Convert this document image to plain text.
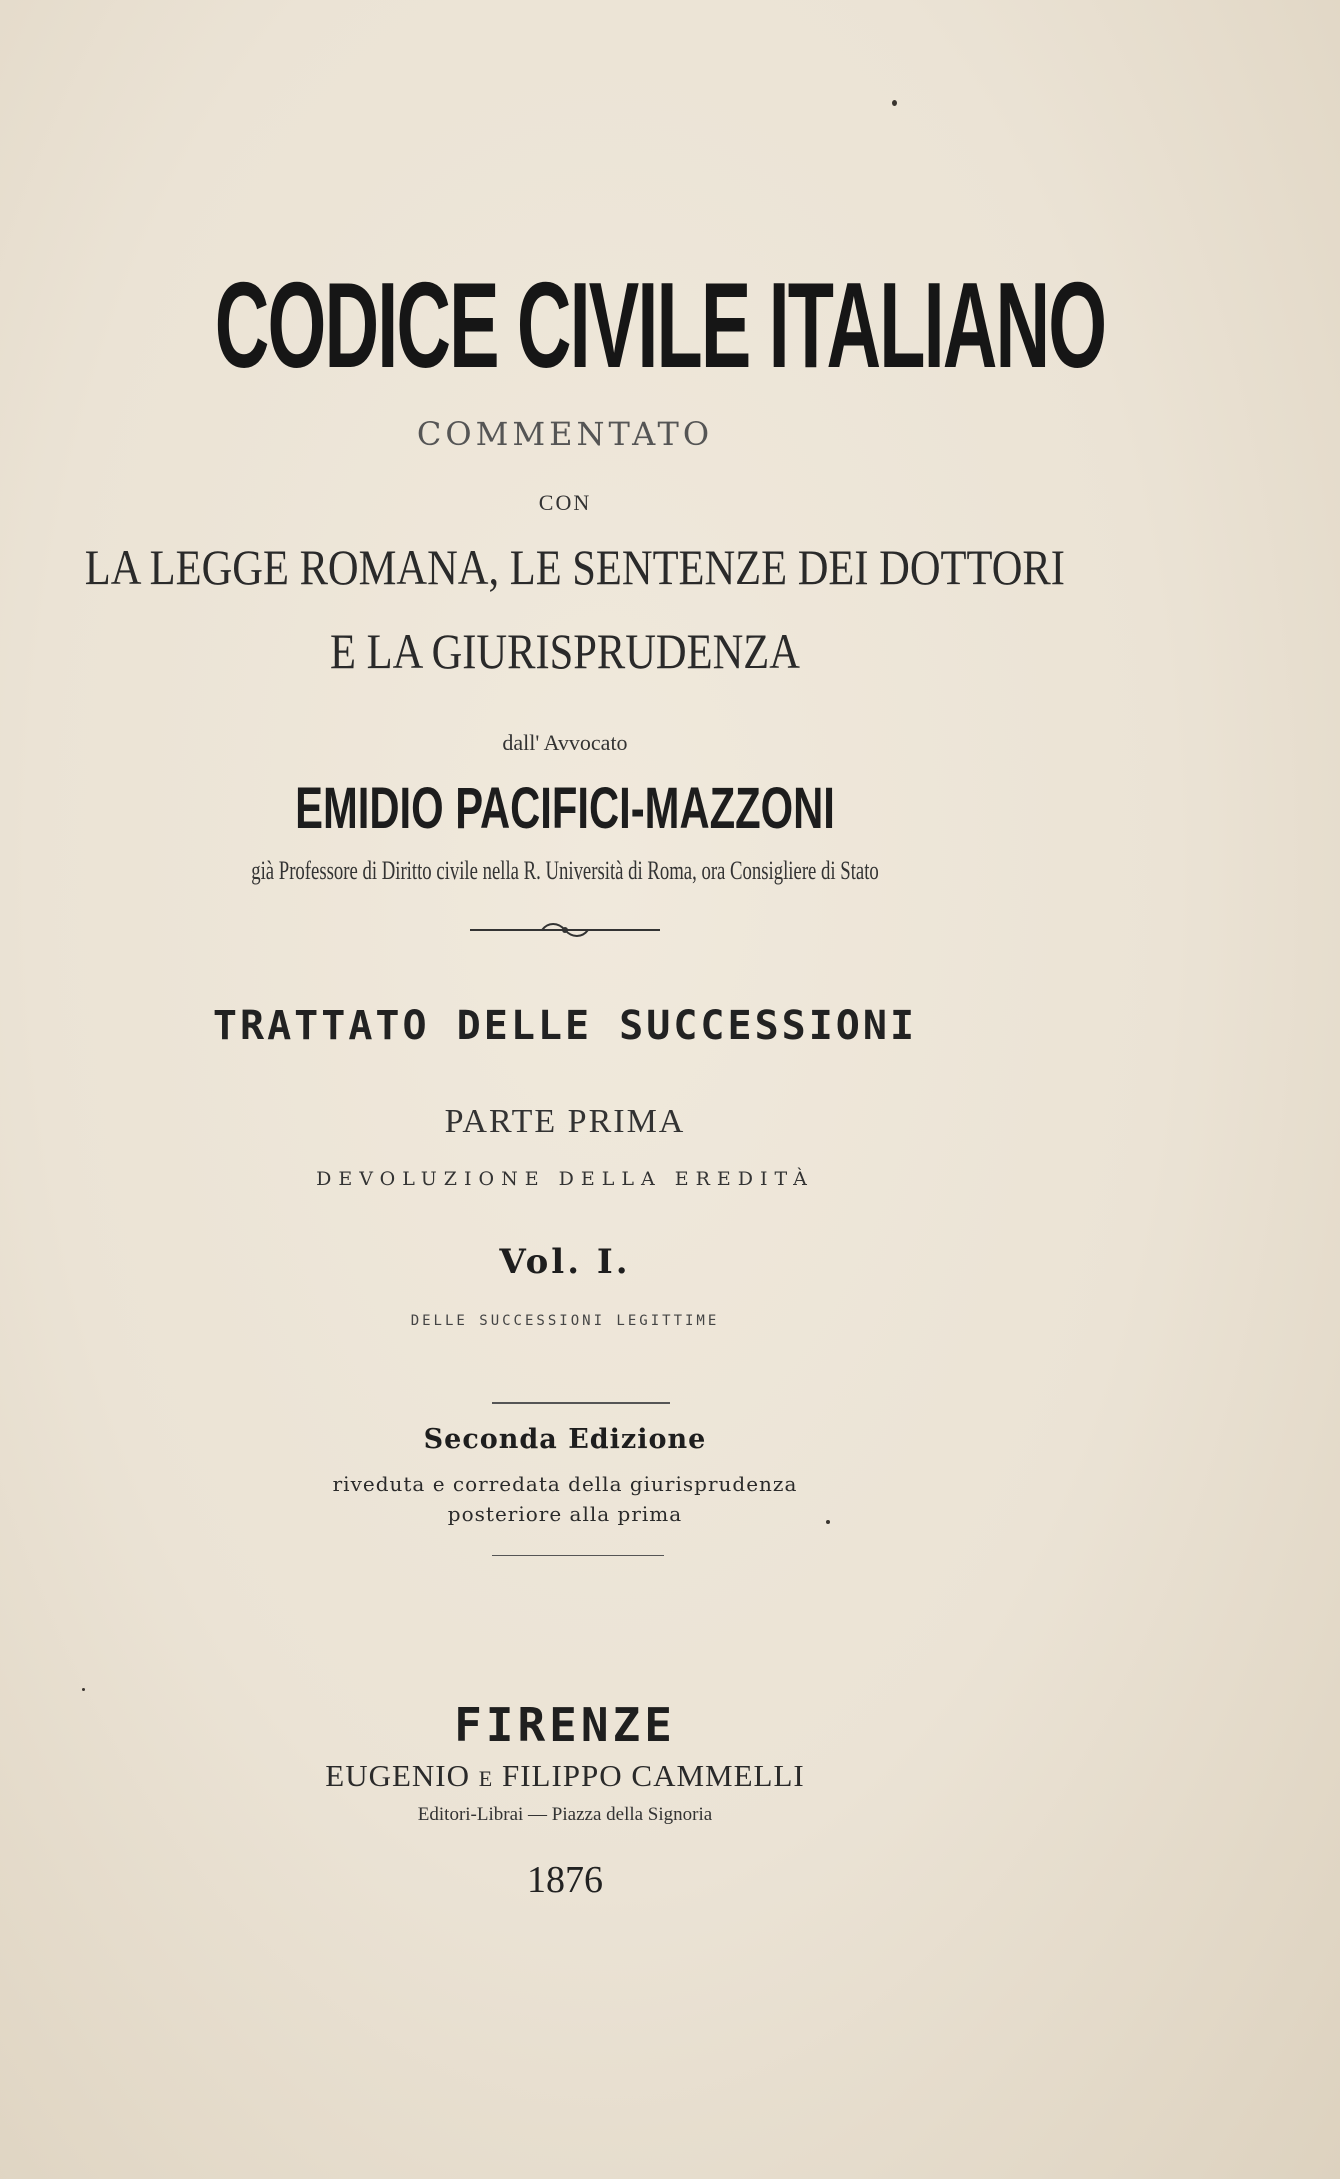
CODICE CIVILE ITALIANO
COMMENTATO
CON
LA LEGGE ROMANA, LE SENTENZE DEI DOTTORI
E LA GIURISPRUDENZA
dall' Avvocato
EMIDIO PACIFICI-MAZZONI
già Professore di Diritto civile nella R. Università di Roma, ora Consigliere di Stato
TRATTATO DELLE SUCCESSIONI
PARTE PRIMA
DEVOLUZIONE DELLA EREDITÀ
Vol. I.
DELLE SUCCESSIONI LEGITTIME
Seconda Edizione
riveduta e corredata della giurisprudenza
posteriore alla prima
FIRENZE
EUGENIO E FILIPPO CAMMELLI
Editori-Librai — Piazza della Signoria
1876
